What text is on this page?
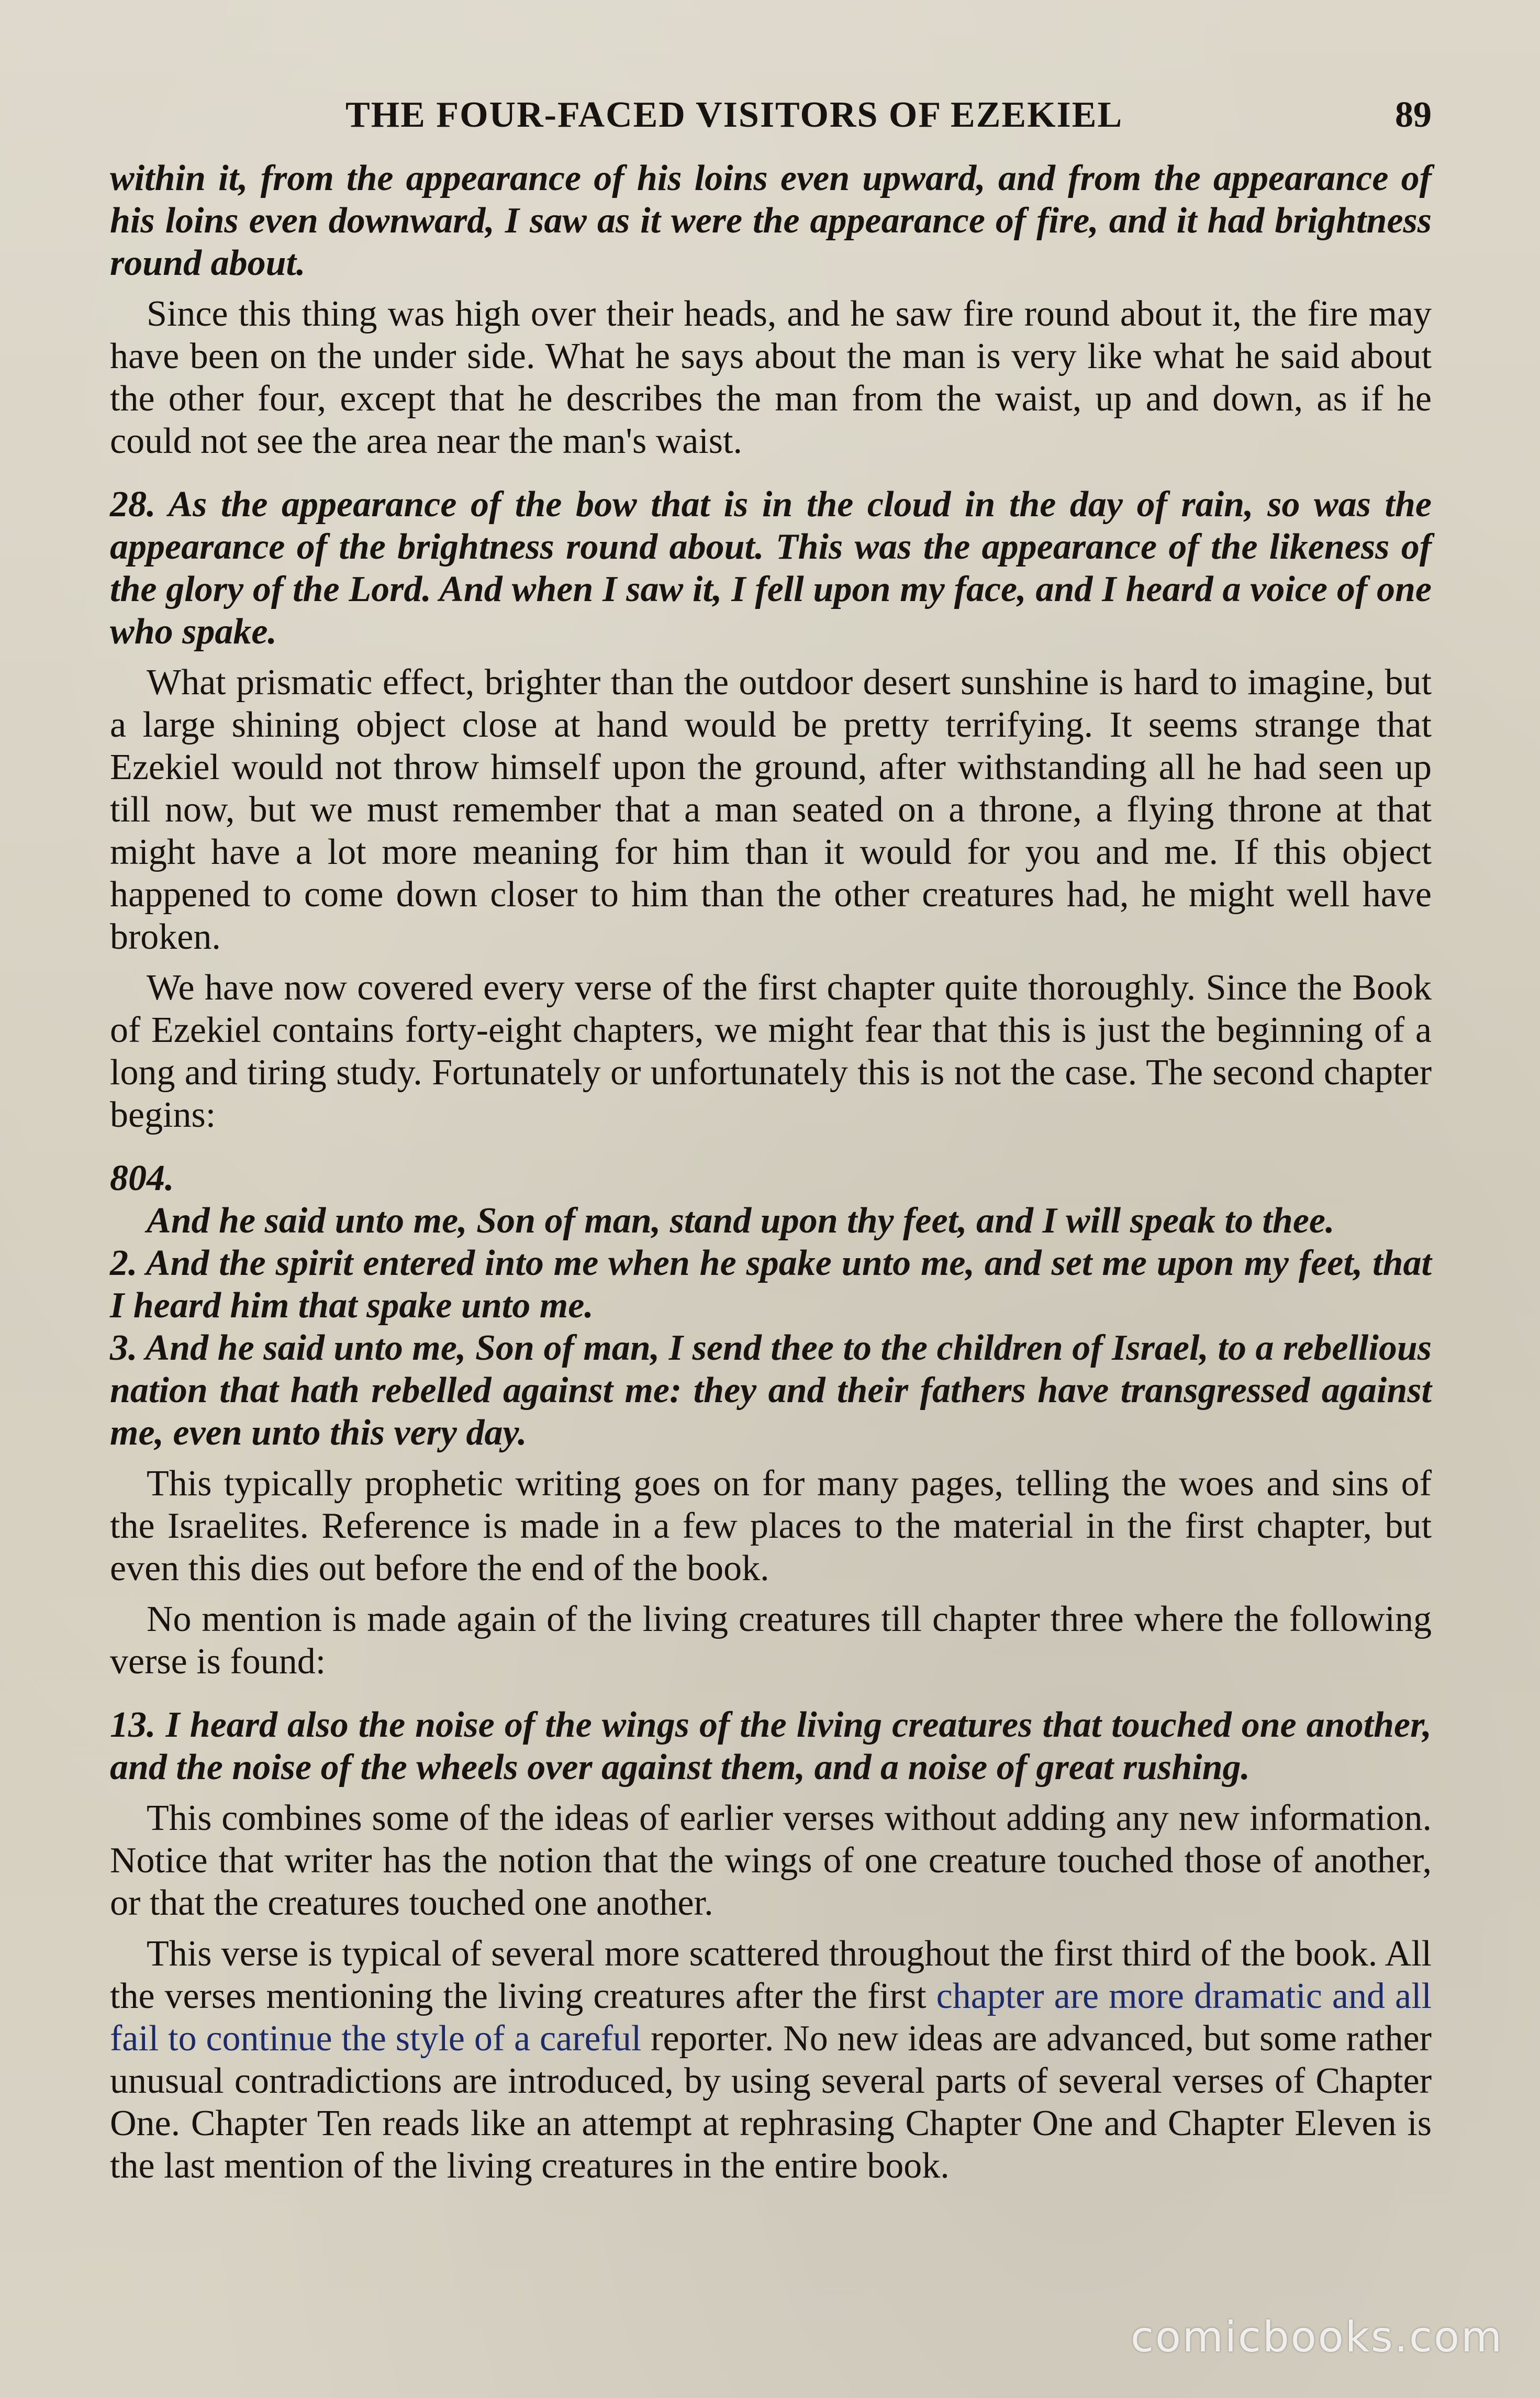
THE FOUR-FACED VISITORS OF EZEKIEL	89

within it, from the appearance of his loins even upward, and from the appearance of his loins even downward, I saw as it were the appearance of fire, and it had brightness round about.

Since this thing was high over their heads, and he saw fire round about it, the fire may have been on the under side. What he says about the man is very like what he said about the other four, except that he describes the man from the waist, up and down, as if he could not see the area near the man's waist.

28. As the appearance of the bow that is in the cloud in the day of rain, so was the appearance of the brightness round about. This was the appearance of the likeness of the glory of the Lord. And when I saw it, I fell upon my face, and I heard a voice of one who spake.

What prismatic effect, brighter than the outdoor desert sunshine is hard to imagine, but a large shining object close at hand would be pretty terrifying. It seems strange that Ezekiel would not throw himself upon the ground, after withstanding all he had seen up till now, but we must remember that a man seated on a throne, a flying throne at that might have a lot more meaning for him than it would for you and me. If this object happened to come down closer to him than the other creatures had, he might well have broken.

We have now covered every verse of the first chapter quite thoroughly. Since the Book of Ezekiel contains forty-eight chapters, we might fear that this is just the beginning of a long and tiring study. Fortunately or unfortunately this is not the case. The second chapter begins:

804.

And he said unto me, Son of man, stand upon thy feet, and I will speak to thee.

2. And the spirit entered into me when he spake unto me, and set me upon my feet, that I heard him that spake unto me.

3. And he said unto me, Son of man, I send thee to the children of Israel, to a rebellious nation that hath rebelled against me: they and their fathers have transgressed against me, even unto this very day.

This typically prophetic writing goes on for many pages, telling the woes and sins of the Israelites. Reference is made in a few places to the material in the first chapter, but even this dies out before the end of the book.

No mention is made again of the living creatures till chapter three where the following verse is found:

13. I heard also the noise of the wings of the living creatures that touched one another, and the noise of the wheels over against them, and a noise of great rushing.

This combines some of the ideas of earlier verses without adding any new information. Notice that writer has the notion that the wings of one creature touched those of another, or that the creatures touched one another.

This verse is typical of several more scattered throughout the first third of the book. All the verses mentioning the living creatures after the first chapter are more dramatic and all fail to continue the style of a careful reporter. No new ideas are advanced, but some rather unusual contradictions are introduced, by using several parts of several verses of Chapter One. Chapter Ten reads like an attempt at rephrasing Chapter One and Chapter Eleven is the last mention of the living creatures in the entire book.

comicbooks.com
